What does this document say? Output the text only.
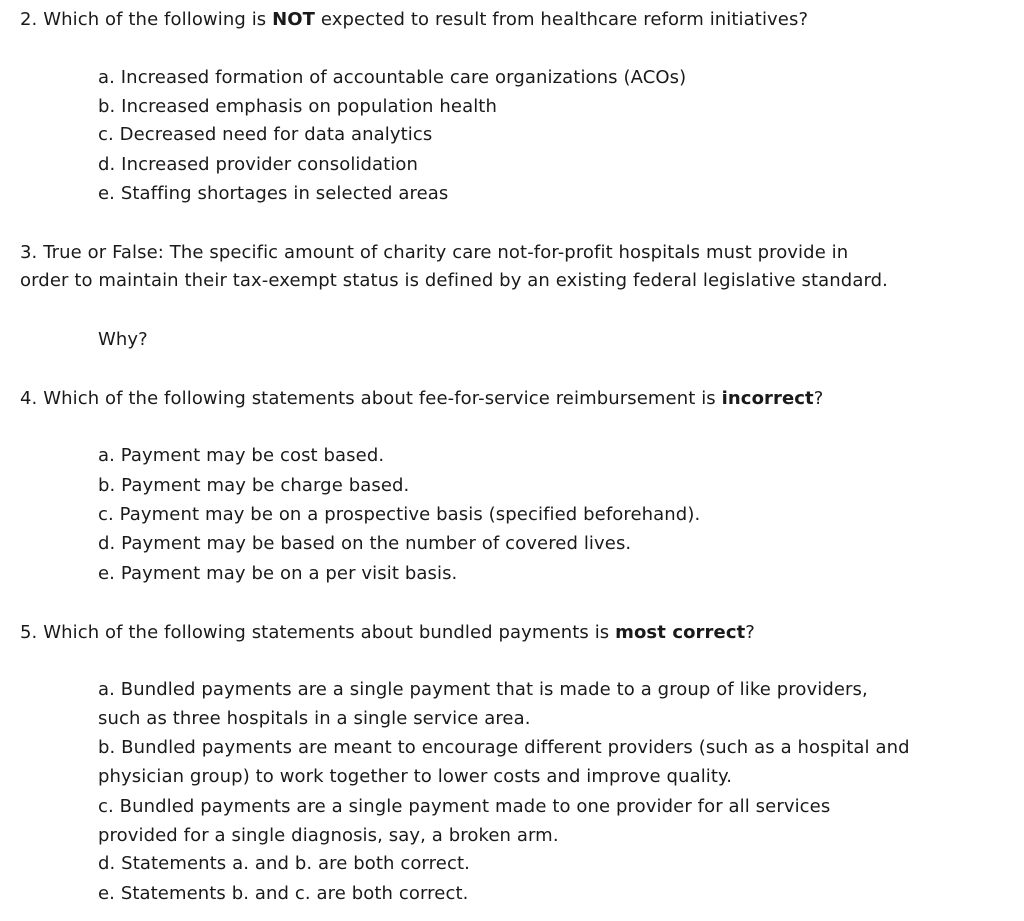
2. Which of the following is NOT expected to result from healthcare reform initiatives?
a. Increased formation of accountable care organizations (ACOs)
b. Increased emphasis on population health
c. Decreased need for data analytics
d. Increased provider consolidation
e. Staffing shortages in selected areas
3. True or False: The specific amount of charity care not-for-profit hospitals must provide in
order to maintain their tax-exempt status is defined by an existing federal legislative standard.
Why?
4. Which of the following statements about fee-for-service reimbursement is incorrect?
a. Payment may be cost based.
b. Payment may be charge based.
c. Payment may be on a prospective basis (specified beforehand).
d. Payment may be based on the number of covered lives.
e. Payment may be on a per visit basis.
5. Which of the following statements about bundled payments is most correct?
a. Bundled payments are a single payment that is made to a group of like providers,
such as three hospitals in a single service area.
b. Bundled payments are meant to encourage different providers (such as a hospital and
physician group) to work together to lower costs and improve quality.
c. Bundled payments are a single payment made to one provider for all services
provided for a single diagnosis, say, a broken arm.
d. Statements a. and b. are both correct.
e. Statements b. and c. are both correct.
